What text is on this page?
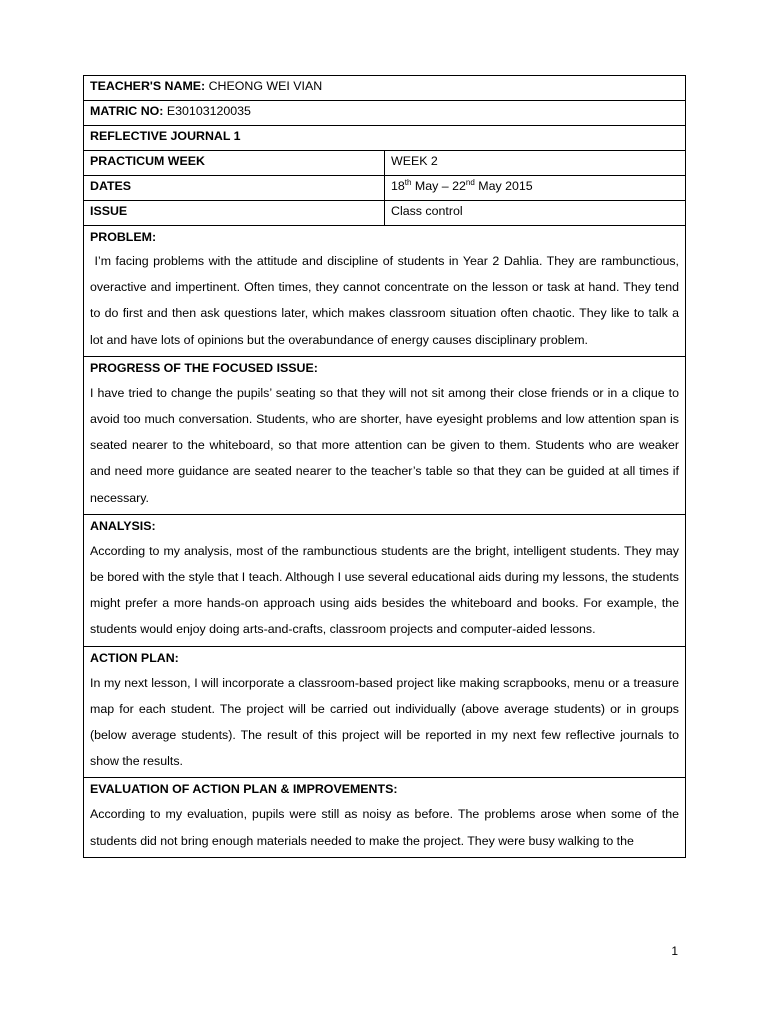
TEACHER'S NAME: CHEONG WEI VIAN	
MATRIC NO: E30103120035	
REFLECTIVE JOURNAL 1	
PRACTICUM WEEK	WEEK 2
DATES	18th May – 22nd May 2015
ISSUE	Class control

PROBLEM:

I’m facing problems with the attitude and discipline of students in Year 2 Dahlia. They are rambunctious, overactive and impertinent. Often times, they cannot concentrate on the lesson or task at hand. They tend to do first and then ask questions later, which makes classroom situation often chaotic. They like to talk a lot and have lots of opinions but the overabundance of energy causes disciplinary problem.	

PROGRESS OF THE FOCUSED ISSUE:

I have tried to change the pupils’ seating so that they will not sit among their close friends or in a clique to avoid too much conversation. Students, who are shorter, have eyesight problems and low attention span is seated nearer to the whiteboard, so that more attention can be given to them. Students who are weaker and need more guidance are seated nearer to the teacher’s table so that they can be guided at all times if necessary.	

ANALYSIS:

According to my analysis, most of the rambunctious students are the bright, intelligent students. They may be bored with the style that I teach. Although I use several educational aids during my lessons, the students might prefer a more hands-on approach using aids besides the whiteboard and books. For example, the students would enjoy doing arts-and-crafts, classroom projects and computer-aided lessons.	

ACTION PLAN:

In my next lesson, I will incorporate a classroom-based project like making scrapbooks, menu or a treasure map for each student. The project will be carried out individually (above average students) or in groups (below average students). The result of this project will be reported in my next few reflective journals to show the results.	

EVALUATION OF ACTION PLAN & IMPROVEMENTS:

According to my evaluation, pupils were still as noisy as before. The problems arose when some of the students did not bring enough materials needed to make the project. They were busy walking to the	

1
